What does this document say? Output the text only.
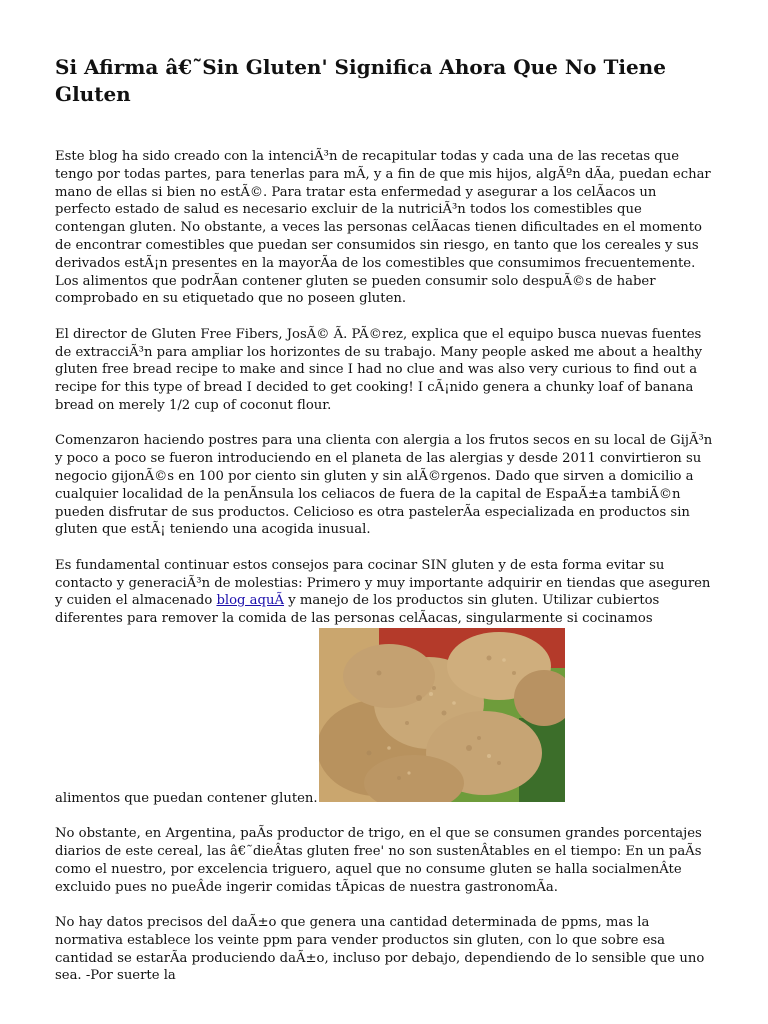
Si Afirma â€˜Sin Gluten' Significa Ahora Que No Tiene Gluten

Este blog ha sido creado con la intenciÃ³n de recapitular todas y cada una de las recetas que tengo por todas partes, para tenerlas para mÃ, y a fin de que mis hijos, algÃºn dÃa, puedan echar mano de ellas si bien no estÃ©. Para tratar esta enfermedad y asegurar a los celÃacos un perfecto estado de salud es necesario excluir de la nutriciÃ³n todos los comestibles que contengan gluten. No obstante, a veces las personas celÃacas tienen dificultades en el momento de encontrar comestibles que puedan ser consumidos sin riesgo, en tanto que los cereales y sus derivados estÃ¡n presentes en la mayorÃa de los comestibles que consumimos frecuentemente. Los alimentos que podrÃan contener gluten se pueden consumir solo despuÃ©s de haber comprobado en su etiquetado que no poseen gluten.

El director de Gluten Free Fibers, JosÃ© Ã. PÃ©rez, explica que el equipo busca nuevas fuentes de extracciÃ³n para ampliar los horizontes de su trabajo. Many people asked me about a healthy gluten free bread recipe to make and since I had no clue and was also very curious to find out a recipe for this type of bread I decided to get cooking! I cÃ¡nido genera a chunky loaf of banana bread on merely 1/2 cup of coconut flour.

Comenzaron haciendo postres para una clienta con alergia a los frutos secos en su local de GijÃ³n y poco a poco se fueron introduciendo en el planeta de las alergias y desde 2011 convirtieron su negocio gijonÃ©s en 100 por ciento sin gluten y sin alÃ©rgenos. Dado que sirven a domicilio a cualquier localidad de la penÃnsula los celiacos de fuera de la capital de EspaÃ±a tambiÃ©n pueden disfrutar de sus productos. Celicioso es otra pastelerÃa especializada en productos sin gluten que estÃ¡ teniendo una acogida inusual.

Es fundamental continuar estos consejos para cocinar SIN gluten y de esta forma evitar su contacto y generaciÃ³n de molestias: Primero y muy importante adquirir en tiendas que aseguren y cuiden el almacenado blog aquÃ y manejo de los productos sin gluten. Utilizar cubiertos diferentes para remover la comida de las personas celÃacas, singularmente si cocinamos alimentos que puedan contener gluten.

No obstante, en Argentina, paÃs productor de trigo, en el que se consumen grandes porcentajes diarios de este cereal, las â€˜dieÂtas gluten free' no son sustenÂtables en el tiempo: En un paÃs como el nuestro, por excelencia triguero, aquel que no consume gluten se halla socialmenÂte excluido pues no pueÂde ingerir comidas tÃpicas de nuestra gastronomÃa.

No hay datos precisos del daÃ±o que genera una cantidad determinada de ppms, mas la normativa establece los veinte ppm para vender productos sin gluten, con lo que sobre esa cantidad se estarÃa produciendo daÃ±o, incluso por debajo, dependiendo de lo sensible que uno sea. -Por suerte la
